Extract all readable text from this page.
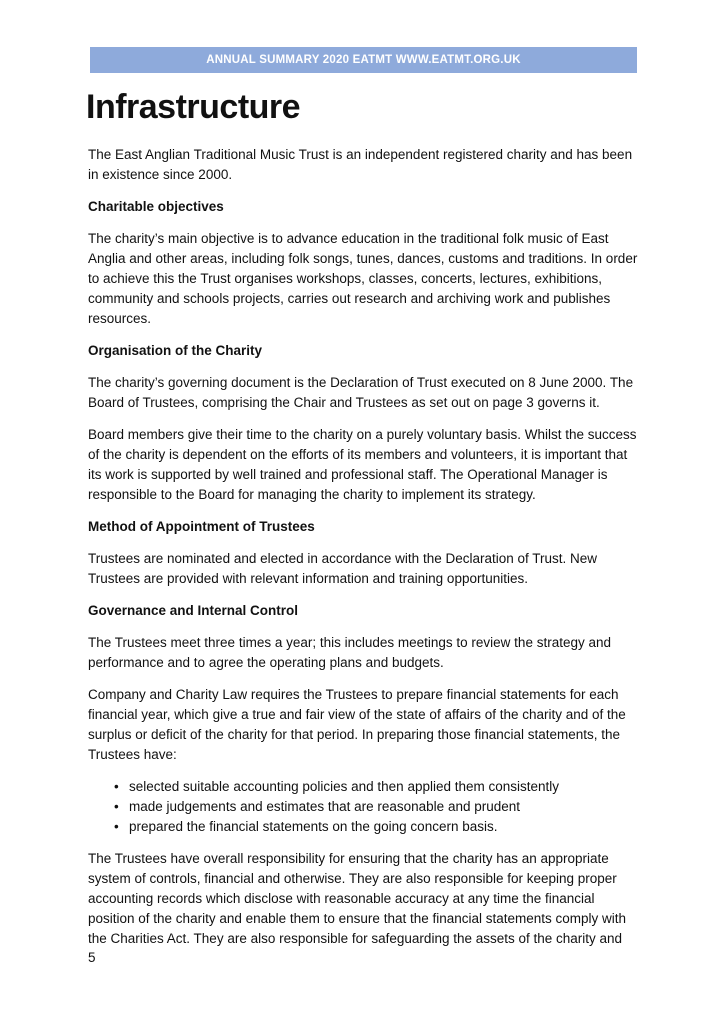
ANNUAL SUMMARY 2020 EATMT WWW.EATMT.ORG.UK
Infrastructure

The East Anglian Traditional Music Trust is an independent registered charity and has been in existence since 2000.

Charitable objectives

The charity’s main objective is to advance education in the traditional folk music of East Anglia and other areas, including folk songs, tunes, dances, customs and traditions. In order to achieve this the Trust organises workshops, classes, concerts, lectures, exhibitions, community and schools projects, carries out research and archiving work and publishes resources.

Organisation of the Charity

The charity’s governing document is the Declaration of Trust executed on 8 June 2000. The Board of Trustees, comprising the Chair and Trustees as set out on page 3 governs it.

Board members give their time to the charity on a purely voluntary basis. Whilst the success of the charity is dependent on the efforts of its members and volunteers, it is important that its work is supported by well trained and professional staff. The Operational Manager is responsible to the Board for managing the charity to implement its strategy.

Method of Appointment of Trustees

Trustees are nominated and elected in accordance with the Declaration of Trust. New Trustees are provided with relevant information and training opportunities.

Governance and Internal Control

The Trustees meet three times a year; this includes meetings to review the strategy and performance and to agree the operating plans and budgets.

Company and Charity Law requires the Trustees to prepare financial statements for each financial year, which give a true and fair view of the state of affairs of the charity and of the surplus or deficit of the charity for that period. In preparing those financial statements, the Trustees have:

• selected suitable accounting policies and then applied them consistently
• made judgements and estimates that are reasonable and prudent
• prepared the financial statements on the going concern basis.

The Trustees have overall responsibility for ensuring that the charity has an appropriate system of controls, financial and otherwise. They are also responsible for keeping proper accounting records which disclose with reasonable accuracy at any time the financial position of the charity and enable them to ensure that the financial statements comply with the Charities Act. They are also responsible for safeguarding the assets of the charity and

5
